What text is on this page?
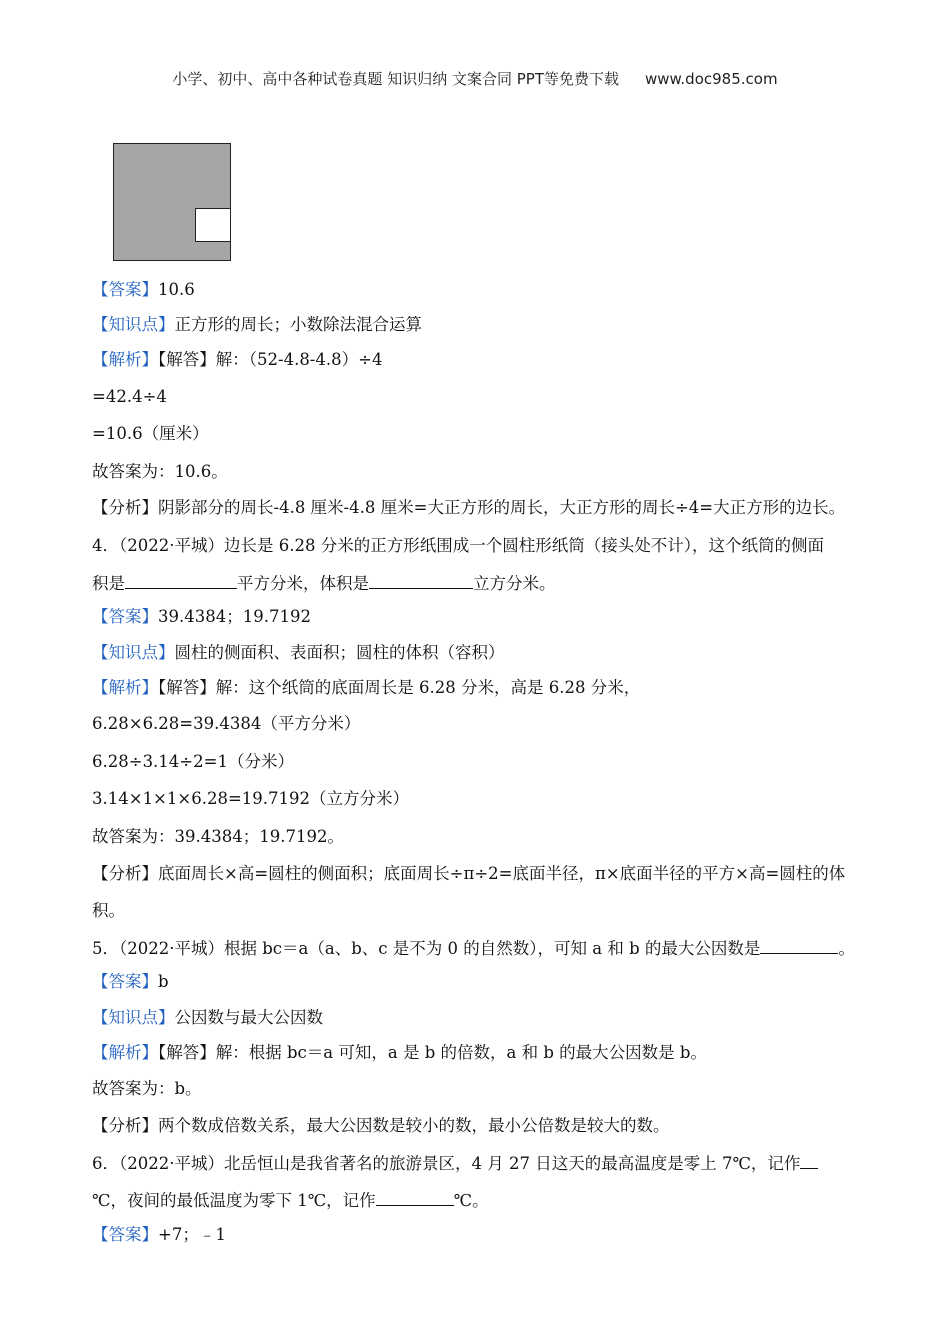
小学、初中、高中各种试卷真题 知识归纳 文案合同 PPT等免费下载 www.doc985.com
【答案】10.6
【知识点】正方形的周长；小数除法混合运算
【解析】【解答】解：（52-4.8-4.8）÷4
=42.4÷4
=10.6（厘米）
故答案为：10.6。
【分析】阴影部分的周长-4.8 厘米-4.8 厘米=大正方形的周长，大正方形的周长÷4=大正方形的边长。
4．（2022·平城）边长是 6.28 分米的正方形纸围成一个圆柱形纸筒（接头处不计），这个纸筒的侧面
积是	平方分米，体积是	立方分米。
【答案】39.4384；19.7192
【知识点】圆柱的侧面积、表面积；圆柱的体积（容积）
【解析】【解答】解：这个纸筒的底面周长是 6.28 分米，高是 6.28 分米，
6.28×6.28=39.4384（平方分米）
6.28÷3.14÷2=1（分米）
3.14×1×1×6.28=19.7192（立方分米）
故答案为：39.4384；19.7192。
【分析】底面周长×高=圆柱的侧面积；底面周长÷π÷2=底面半径，π×底面半径的平方×高=圆柱的体
积。
5．（2022·平城）根据 bc＝a（a、b、c 是不为 0 的自然数），可知 a 和 b 的最大公因数是	。
【答案】b
【知识点】公因数与最大公因数
【解析】【解答】解：根据 bc＝a 可知，a 是 b 的倍数，a 和 b 的最大公因数是 b。
故答案为：b。
【分析】两个数成倍数关系，最大公因数是较小的数，最小公倍数是较大的数。
6．（2022·平城）北岳恒山是我省著名的旅游景区，4 月 27 日这天的最高温度是零上 7℃，记作
℃，夜间的最低温度为零下 1℃，记作	℃。
【答案】+7；﹣1
